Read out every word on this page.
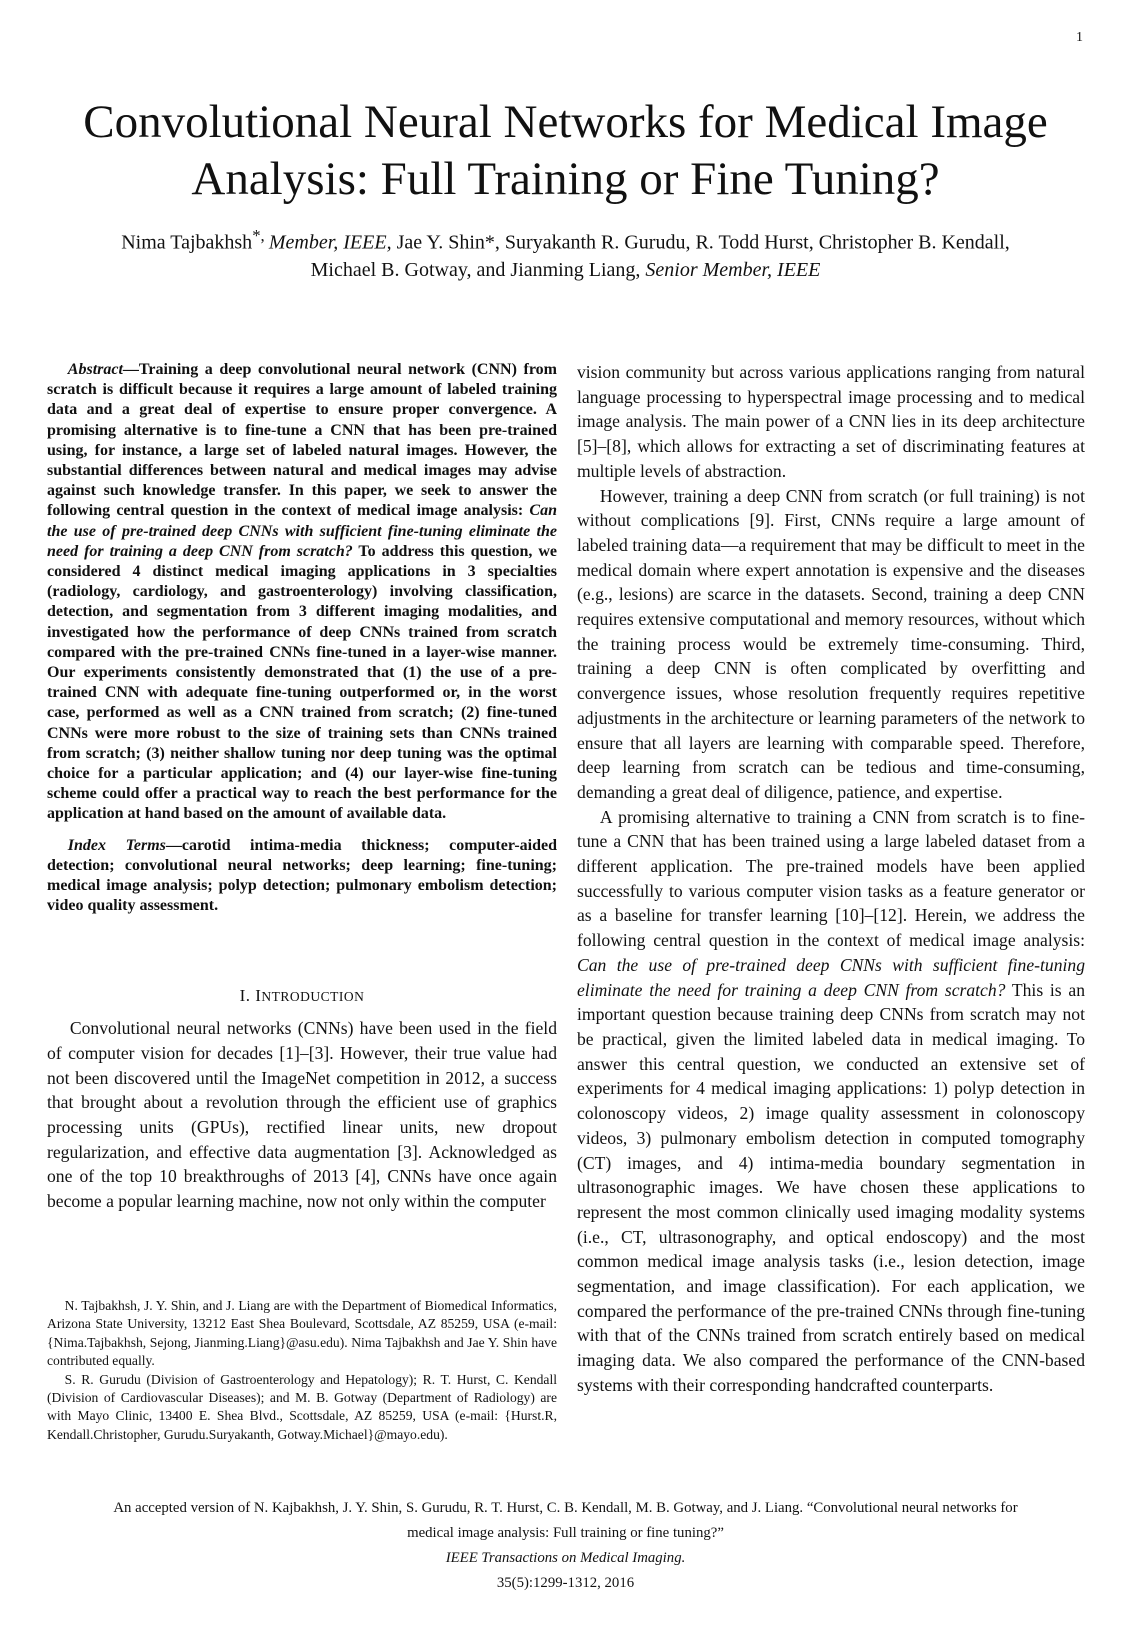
1
Convolutional Neural Networks for Medical Image
Analysis: Full Training or Fine Tuning?
Nima Tajbakhsh*, Member, IEEE, Jae Y. Shin*, Suryakanth R. Gurudu, R. Todd Hurst, Christopher B. Kendall,
Michael B. Gotway, and Jianming Liang, Senior Member, IEEE

Abstract—Training a deep convolutional neural network (CNN) from scratch is difficult because it requires a large amount of labeled training data and a great deal of expertise to ensure proper convergence. A promising alternative is to fine-tune a CNN that has been pre-trained using, for instance, a large set of labeled natural images. However, the substantial differences between natural and medical images may advise against such knowledge transfer. In this paper, we seek to answer the following central question in the context of medical image analysis: Can the use of pre-trained deep CNNs with sufficient fine-tuning eliminate the need for training a deep CNN from scratch? To address this question, we considered 4 distinct medical imaging applications in 3 specialties (radiology, cardiology, and gastroenterology) involving classification, detection, and segmentation from 3 different imaging modalities, and investigated how the performance of deep CNNs trained from scratch compared with the pre-trained CNNs fine-tuned in a layer-wise manner. Our experiments consistently demonstrated that (1) the use of a pre-trained CNN with adequate fine-tuning outperformed or, in the worst case, performed as well as a CNN trained from scratch; (2) fine-tuned CNNs were more robust to the size of training sets than CNNs trained from scratch; (3) neither shallow tuning nor deep tuning was the optimal choice for a particular application; and (4) our layer-wise fine-tuning scheme could offer a practical way to reach the best performance for the application at hand based on the amount of available data.

Index Terms—carotid intima-media thickness; computer-aided detection; convolutional neural networks; deep learning; fine-tuning; medical image analysis; polyp detection; pulmonary embolism detection; video quality assessment.

I. INTRODUCTION

Convolutional neural networks (CNNs) have been used in the field of computer vision for decades [1]–[3]. However, their true value had not been discovered until the ImageNet competition in 2012, a success that brought about a revolution through the efficient use of graphics processing units (GPUs), rectified linear units, new dropout regularization, and effective data augmentation [3]. Acknowledged as one of the top 10 breakthroughs of 2013 [4], CNNs have once again become a popular learning machine, now not only within the computer

N. Tajbakhsh, J. Y. Shin, and J. Liang are with the Department of Biomedical Informatics, Arizona State University, 13212 East Shea Boulevard, Scottsdale, AZ 85259, USA (e-mail: {Nima.Tajbakhsh, Sejong, Jianming.Liang}@asu.edu). Nima Tajbakhsh and Jae Y. Shin have contributed equally.

S. R. Gurudu (Division of Gastroenterology and Hepatology); R. T. Hurst, C. Kendall (Division of Cardiovascular Diseases); and M. B. Gotway (Department of Radiology) are with Mayo Clinic, 13400 E. Shea Blvd., Scottsdale, AZ 85259, USA (e-mail: {Hurst.R, Kendall.Christopher, Gurudu.Suryakanth, Gotway.Michael}@mayo.edu).

vision community but across various applications ranging from natural language processing to hyperspectral image processing and to medical image analysis. The main power of a CNN lies in its deep architecture [5]–[8], which allows for extracting a set of discriminating features at multiple levels of abstraction.

However, training a deep CNN from scratch (or full training) is not without complications [9]. First, CNNs require a large amount of labeled training data—a requirement that may be difficult to meet in the medical domain where expert annotation is expensive and the diseases (e.g., lesions) are scarce in the datasets. Second, training a deep CNN requires extensive computational and memory resources, without which the training process would be extremely time-consuming. Third, training a deep CNN is often complicated by overfitting and convergence issues, whose resolution frequently requires repetitive adjustments in the architecture or learning parameters of the network to ensure that all layers are learning with comparable speed. Therefore, deep learning from scratch can be tedious and time-consuming, demanding a great deal of diligence, patience, and expertise.

A promising alternative to training a CNN from scratch is to fine-tune a CNN that has been trained using a large labeled dataset from a different application. The pre-trained models have been applied successfully to various computer vision tasks as a feature generator or as a baseline for transfer learning [10]–[12]. Herein, we address the following central question in the context of medical image analysis: Can the use of pre-trained deep CNNs with sufficient fine-tuning eliminate the need for training a deep CNN from scratch? This is an important question because training deep CNNs from scratch may not be practical, given the limited labeled data in medical imaging. To answer this central question, we conducted an extensive set of experiments for 4 medical imaging applications: 1) polyp detection in colonoscopy videos, 2) image quality assessment in colonoscopy videos, 3) pulmonary embolism detection in computed tomography (CT) images, and 4) intima-media boundary segmentation in ultrasonographic images. We have chosen these applications to represent the most common clinically used imaging modality systems (i.e., CT, ultrasonography, and optical endoscopy) and the most common medical image analysis tasks (i.e., lesion detection, image segmentation, and image classification). For each application, we compared the performance of the pre-trained CNNs through fine-tuning with that of the CNNs trained from scratch entirely based on medical imaging data. We also compared the performance of the CNN-based systems with their corresponding handcrafted counterparts.

An accepted version of N. Kajbakhsh, J. Y. Shin, S. Gurudu, R. T. Hurst, C. B. Kendall, M. B. Gotway, and J. Liang. “Convolutional neural networks for
medical image analysis: Full training or fine tuning?”
IEEE Transactions on Medical Imaging.
35(5):1299-1312, 2016
